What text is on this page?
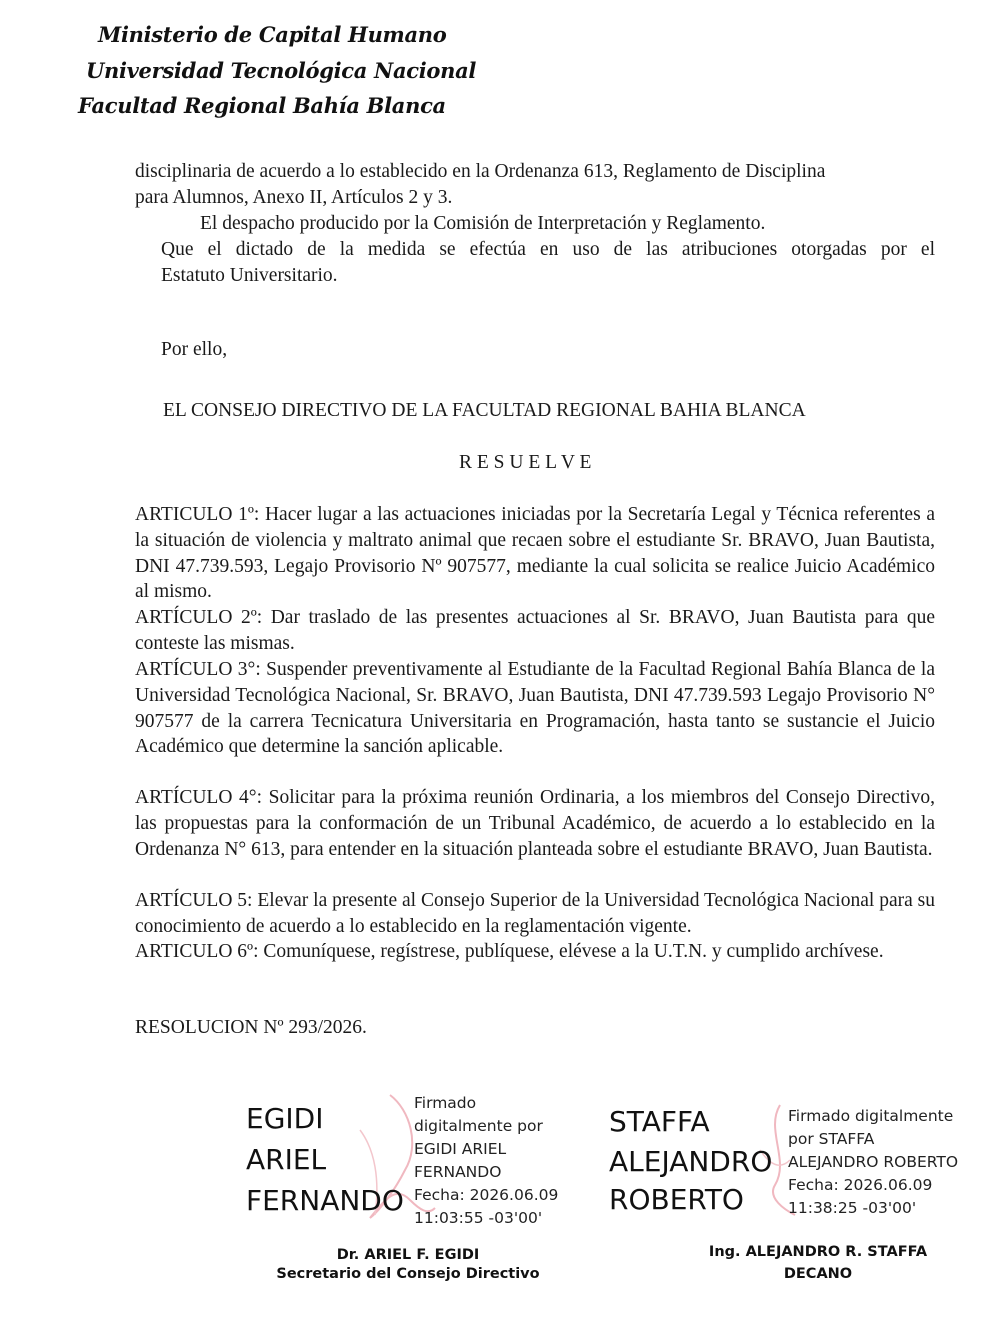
Ministerio de Capital Humano
Universidad Tecnológica Nacional
Facultad Regional Bahía Blanca
disciplinaria de acuerdo a lo establecido en la Ordenanza 613, Reglamento de Disciplina
para Alumnos, Anexo II, Artículos 2 y 3.
El despacho producido por la Comisión de Interpretación y Reglamento.
Que el dictado de la medida se efectúa en uso de las atribuciones otorgadas por el
Estatuto Universitario.
Por ello,
EL CONSEJO DIRECTIVO DE LA FACULTAD REGIONAL BAHIA BLANCA
R E S U E L V E
ARTICULO 1º: Hacer lugar a las actuaciones iniciadas por la Secretaría Legal y Técnica referentes a la situación de violencia y maltrato animal que recaen sobre el estudiante Sr. BRAVO, Juan Bautista, DNI 47.739.593, Legajo Provisorio Nº 907577, mediante la cual solicita se realice Juicio Académico al mismo.
ARTÍCULO 2º: Dar traslado de las presentes actuaciones al Sr. BRAVO, Juan Bautista para que conteste las mismas.
ARTÍCULO 3°: Suspender preventivamente al Estudiante de la Facultad Regional Bahía Blanca de la Universidad Tecnológica Nacional, Sr. BRAVO, Juan Bautista, DNI 47.739.593 Legajo Provisorio N° 907577 de la carrera Tecnicatura Universitaria en Programación, hasta tanto se sustancie el Juicio Académico que determine la sanción aplicable.
ARTÍCULO 4°: Solicitar para la próxima reunión Ordinaria, a los miembros del Consejo Directivo, las propuestas para la conformación de un Tribunal Académico, de acuerdo a lo establecido en la Ordenanza N° 613, para entender en la situación planteada sobre el estudiante BRAVO, Juan Bautista.
ARTÍCULO 5: Elevar la presente al Consejo Superior de la Universidad Tecnológica Nacional para su conocimiento de acuerdo a lo establecido en la reglamentación vigente.
ARTICULO 6º: Comuníquese, regístrese, publíquese, elévese a la U.T.N. y cumplido archívese.
RESOLUCION Nº 293/2026.
EGIDI
ARIEL
FERNANDO
Firmado
digitalmente por
EGIDI ARIEL
FERNANDO
Fecha: 2026.06.09
11:03:55 -03'00'
Dr. ARIEL F. EGIDI
Secretario del Consejo Directivo
STAFFA
ALEJANDRO
ROBERTO
Firmado digitalmente
por STAFFA
ALEJANDRO ROBERTO
Fecha: 2026.06.09
11:38:25 -03'00'
Ing. ALEJANDRO R. STAFFA
DECANO
